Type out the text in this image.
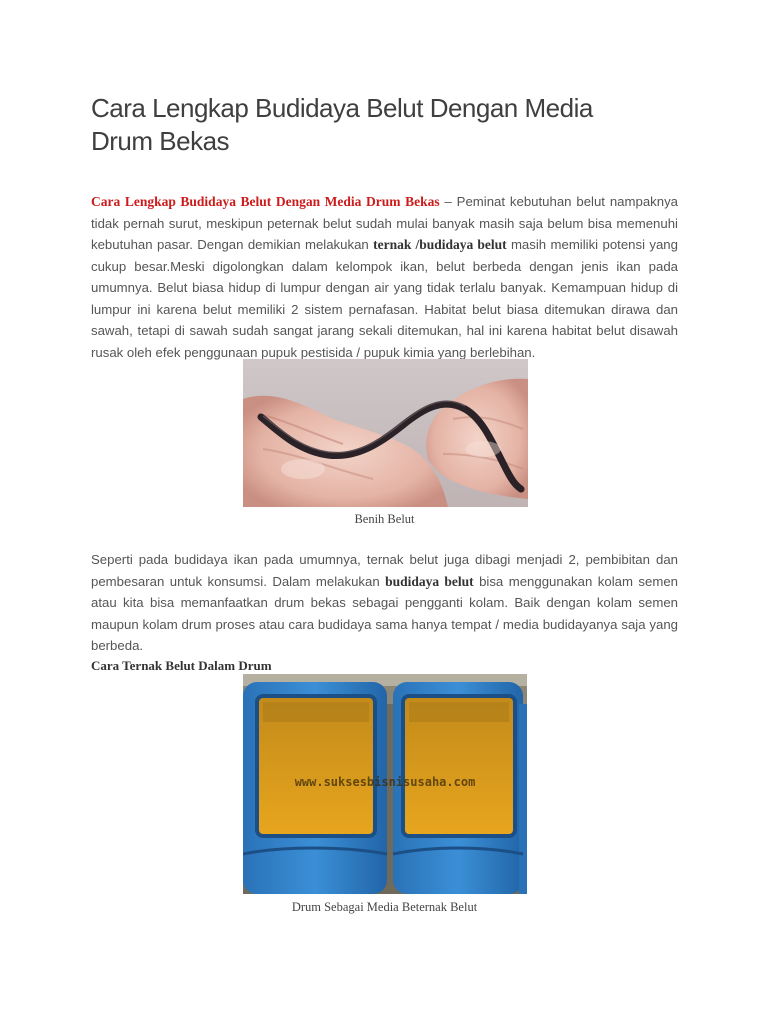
Cara Lengkap Budidaya Belut Dengan Media Drum Bekas

Cara Lengkap Budidaya Belut Dengan Media Drum Bekas – Peminat kebutuhan belut nampaknya tidak pernah surut, meskipun peternak belut sudah mulai banyak masih saja belum bisa memenuhi kebutuhan pasar. Dengan demikian melakukan ternak /budidaya belut masih memiliki potensi yang cukup besar.Meski digolongkan dalam kelompok ikan, belut berbeda dengan jenis ikan pada umumnya. Belut biasa hidup di lumpur dengan air yang tidak terlalu banyak. Kemampuan hidup di lumpur ini karena belut memiliki 2 sistem pernafasan. Habitat belut biasa ditemukan dirawa dan sawah, tetapi di sawah sudah sangat jarang sekali ditemukan, hal ini karena habitat belut disawah rusak oleh efek penggunaan pupuk pestisida / pupuk kimia yang berlebihan.

Benih Belut

Seperti pada budidaya ikan pada umumnya, ternak belut juga dibagi menjadi 2, pembibitan dan pembesaran untuk konsumsi. Dalam melakukan budidaya belut bisa menggunakan kolam semen atau kita bisa memanfaatkan drum bekas sebagai pengganti kolam. Baik dengan kolam semen maupun kolam drum proses atau cara budidaya sama hanya tempat / media budidayanya saja yang berbeda.

Cara Ternak Belut Dalam Drum

www.suksesbisnisusaha.com
Drum Sebagai Media Beternak Belut
